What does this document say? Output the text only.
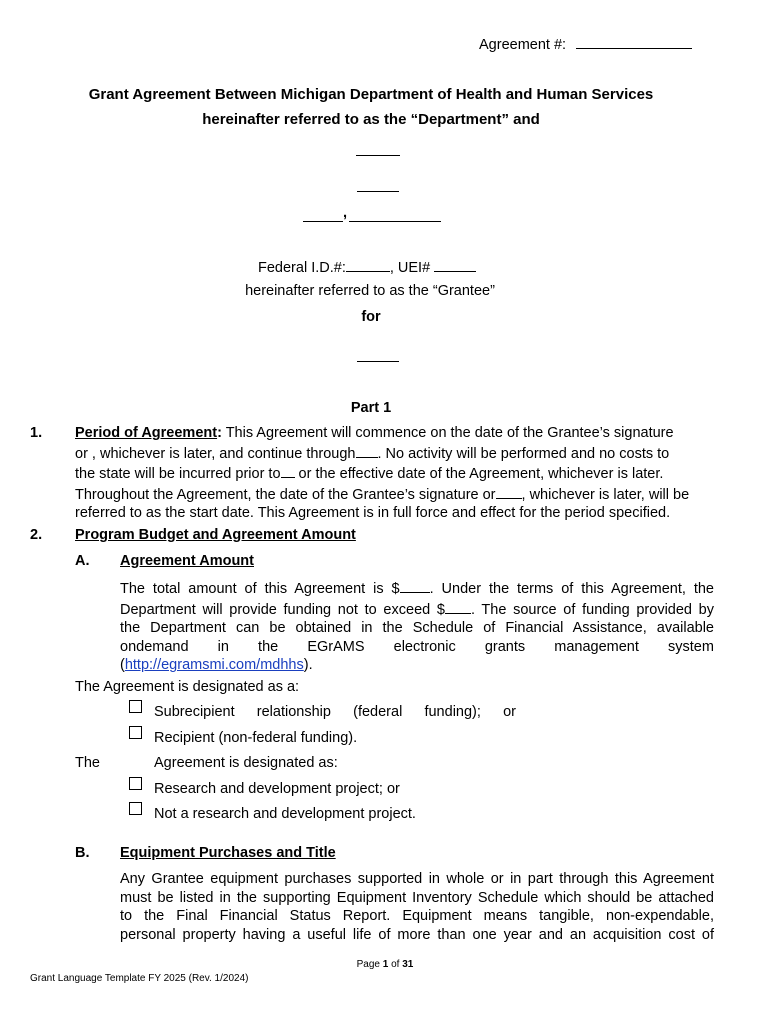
Agreement #:
Grant Agreement Between Michigan Department of Health and Human Services
hereinafter referred to as the “Department” and
,
Federal I.D.#:	, UEI#
hereinafter referred to as the “Grantee”
for
Part 1
1. Period of Agreement: This Agreement will commence on the date of the Grantee’s signature
or , whichever is later, and continue through . No activity will be performed and no costs to
the state will be incurred prior to or the effective date of the Agreement, whichever is later.
Throughout the Agreement, the date of the Grantee’s signature or , whichever is later, will be
referred to as the start date. This Agreement is in full force and effect for the period specified.
2. Program Budget and Agreement Amount
A. Agreement Amount
The total amount of this Agreement is $ . Under the terms of this Agreement, the
Department will provide funding not to exceed $ . The source of funding provided by
the Department can be obtained in the Schedule of Financial Assistance, available
ondemand in the EGrAMS electronic grants management system
(http://egramsmi.com/mdhhs).
The Agreement is designated as a:
Subrecipient relationship (federal funding); or
Recipient (non-federal funding).
The	Agreement is designated as:
Research and development project; or
Not a research and development project.
B. Equipment Purchases and Title
Any Grantee equipment purchases supported in whole or in part through this Agreement
must be listed in the supporting Equipment Inventory Schedule which should be attached
to the Final Financial Status Report. Equipment means tangible, non-expendable,
personal property having a useful life of more than one year and an acquisition cost of
Page 1 of 31
Grant Language Template FY 2025 (Rev. 1/2024)
